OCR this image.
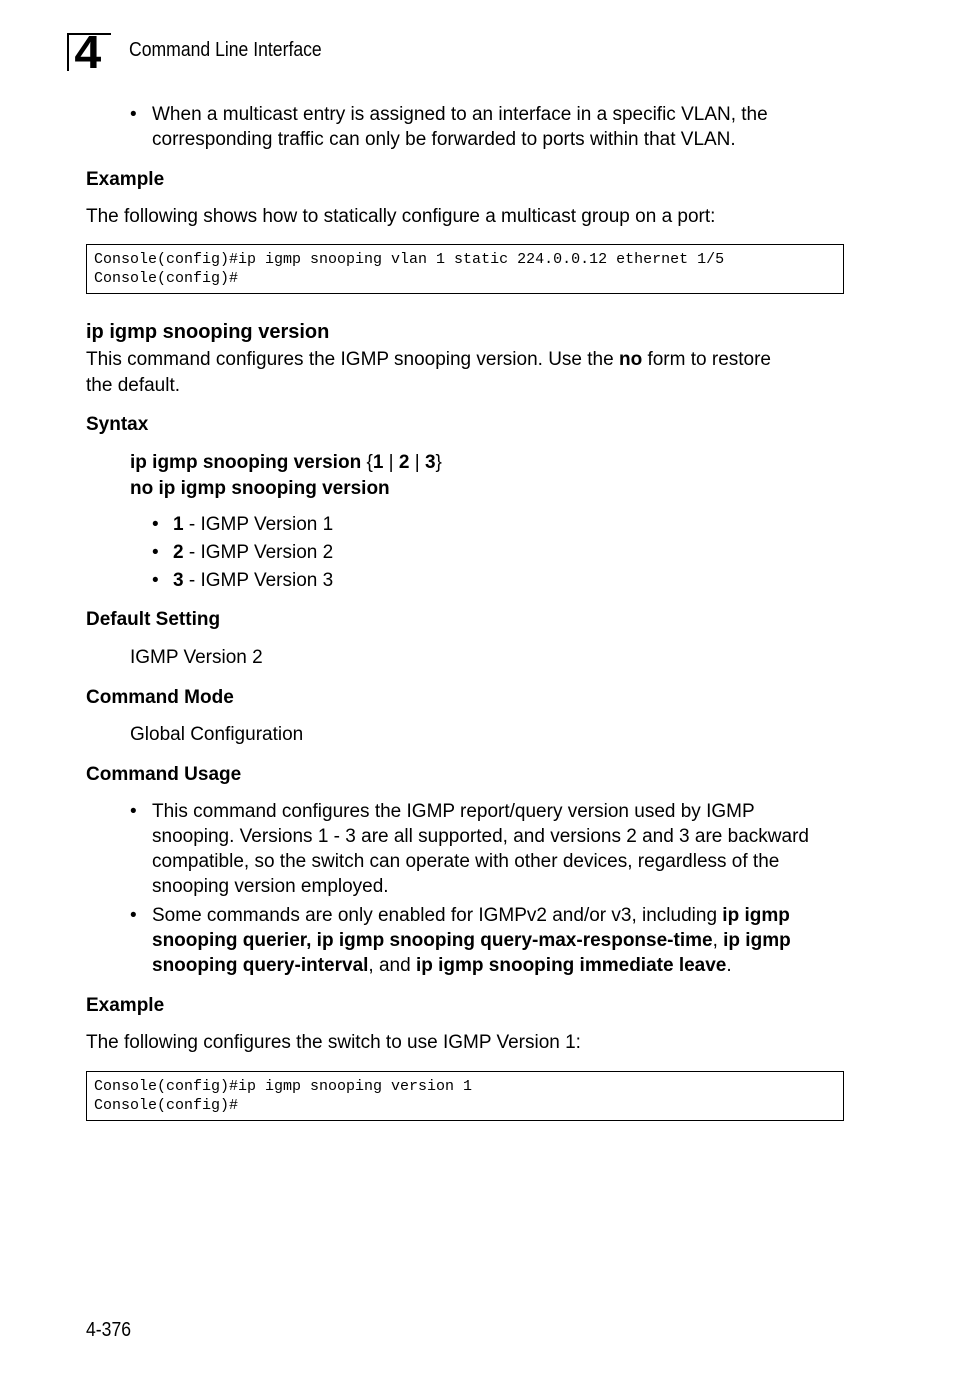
4 Command Line Interface
• When a multicast entry is assigned to an interface in a specific VLAN, the corresponding traffic can only be forwarded to ports within that VLAN.
Example
The following shows how to statically configure a multicast group on a port:
Console(config)#ip igmp snooping vlan 1 static 224.0.0.12 ethernet 1/5
Console(config)#
ip igmp snooping version
This command configures the IGMP snooping version. Use the no form to restore
the default.
Syntax
ip igmp snooping version {1 | 2 | 3}
no ip igmp snooping version
• 1 - IGMP Version 1
• 2 - IGMP Version 2
• 3 - IGMP Version 3
Default Setting
IGMP Version 2
Command Mode
Global Configuration
Command Usage
• This command configures the IGMP report/query version used by IGMP
snooping. Versions 1 - 3 are all supported, and versions 2 and 3 are backward
compatible, so the switch can operate with other devices, regardless of the
snooping version employed.
• Some commands are only enabled for IGMPv2 and/or v3, including ip igmp
snooping querier, ip igmp snooping query-max-response-time, ip igmp
snooping query-interval, and ip igmp snooping immediate leave.
Example
The following configures the switch to use IGMP Version 1:
Console(config)#ip igmp snooping version 1
Console(config)#
4-376
